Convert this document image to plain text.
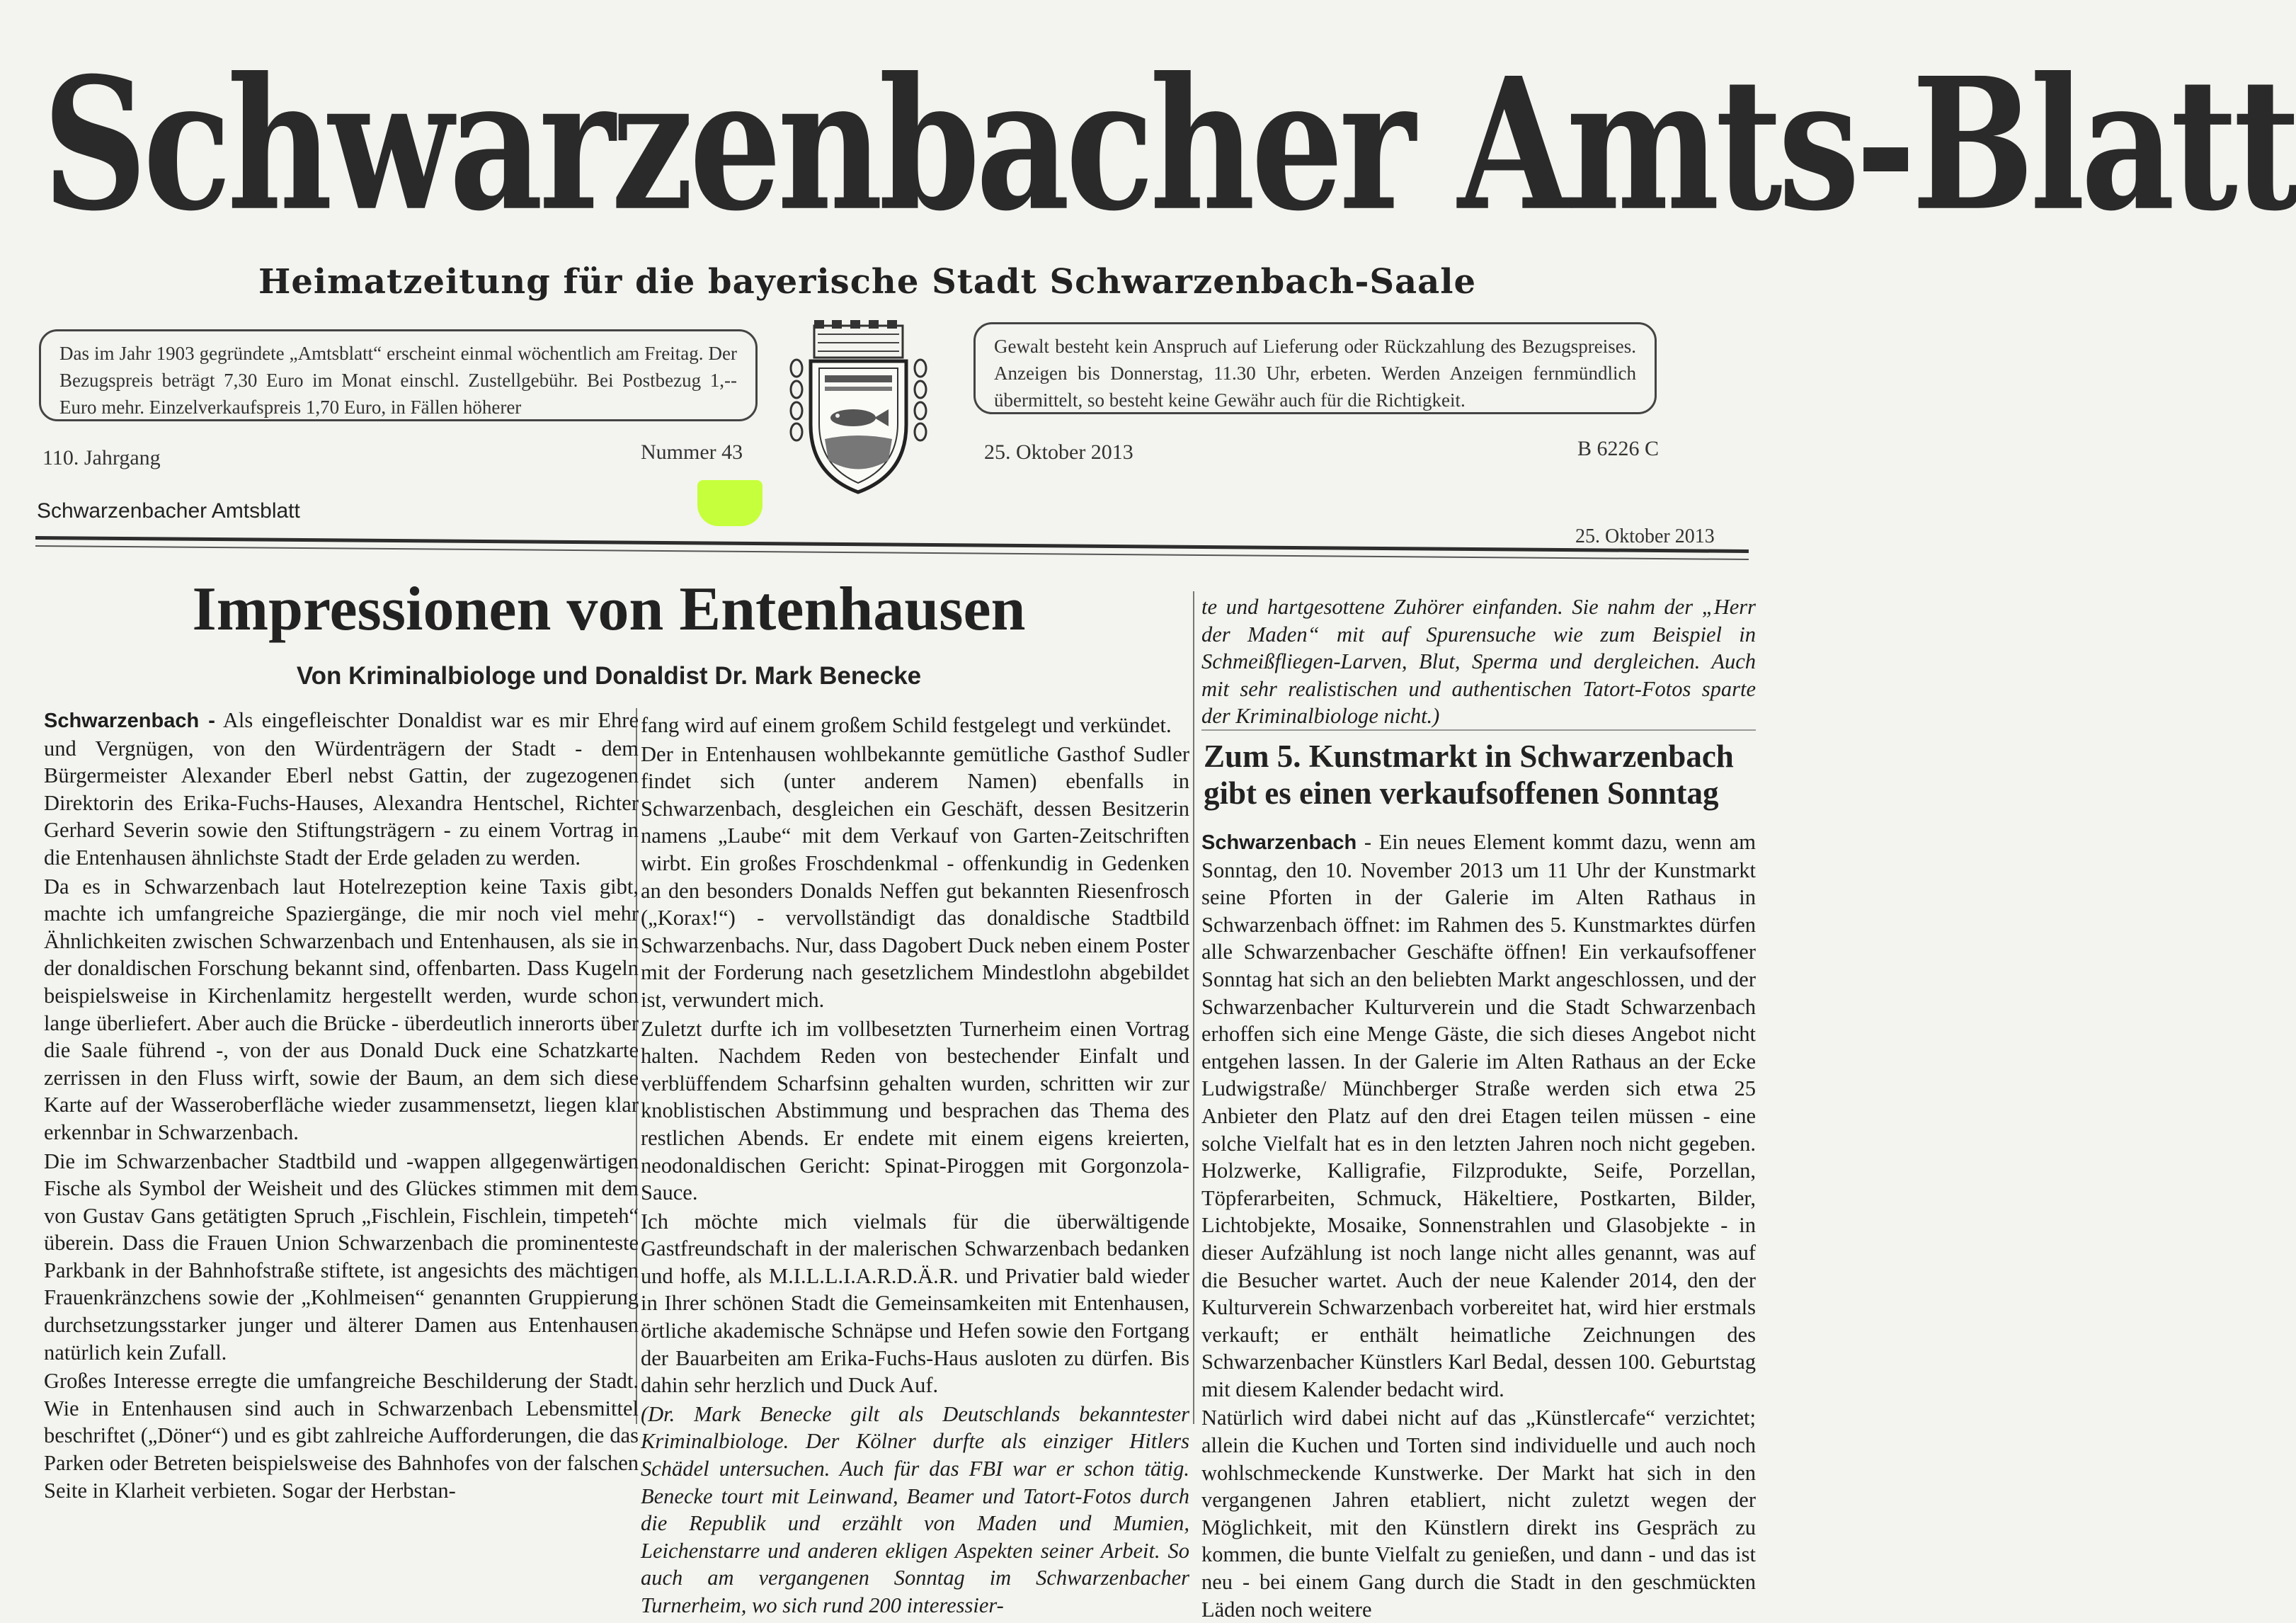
Schwarzenbacher Amts-Blatt
Heimatzeitung für die bayerische Stadt Schwarzenbach-Saale
Das im Jahr 1903 gegründete „Amtsblatt“ erscheint einmal wöchentlich am Freitag. Der Bezugspreis beträgt 7,30 Euro im Monat einschl. Zustellgebühr. Bei Postbezug 1,-- Euro mehr. Einzelverkaufspreis 1,70 Euro, in Fällen höherer
Gewalt besteht kein Anspruch auf Lieferung oder Rückzahlung des Bezugspreises. Anzeigen bis Donnerstag, 11.30 Uhr, erbeten. Werden Anzeigen fernmündlich übermittelt, so besteht keine Gewähr auch für die Richtigkeit.
110. Jahrgang	Nummer 43	25. Oktober 2013	B 6226 C
Schwarzenbacher Amtsblatt
25. Oktober 2013
Impressionen von Entenhausen
Von Kriminalbiologe und Donaldist Dr. Mark Benecke

Schwarzenbach - Als eingefleischter Donaldist war es mir Ehre und Vergnügen, von den Würdenträgern der Stadt - dem Bürgermeister Alexander Eberl nebst Gattin, der zugezogenen Direktorin des Erika-Fuchs-Hauses, Alexandra Hentschel, Richter Gerhard Severin sowie den Stiftungsträgern - zu einem Vortrag in die Entenhausen ähnlichste Stadt der Erde geladen zu werden.

Da es in Schwarzenbach laut Hotelrezeption keine Taxis gibt, machte ich umfangreiche Spaziergänge, die mir noch viel mehr Ähnlichkeiten zwischen Schwarzenbach und Entenhausen, als sie in der donaldischen Forschung bekannt sind, offenbarten. Dass Kugeln beispielsweise in Kirchenlamitz hergestellt werden, wurde schon lange überliefert. Aber auch die Brücke - überdeutlich innerorts über die Saale führend -, von der aus Donald Duck eine Schatzkarte zerrissen in den Fluss wirft, sowie der Baum, an dem sich diese Karte auf der Wasseroberfläche wieder zusammensetzt, liegen klar erkennbar in Schwarzenbach.

Die im Schwarzenbacher Stadtbild und -wappen allgegenwärtigen Fische als Symbol der Weisheit und des Glückes stimmen mit dem von Gustav Gans getätigten Spruch „Fischlein, Fischlein, timpeteh“ überein. Dass die Frauen Union Schwarzenbach die prominenteste Parkbank in der Bahnhofstraße stiftete, ist angesichts des mächtigen Frauenkränzchens sowie der „Kohlmeisen“ genannten Gruppierung durchsetzungsstarker junger und älterer Damen aus Entenhausen natürlich kein Zufall.

Großes Interesse erregte die umfangreiche Beschilderung der Stadt. Wie in Entenhausen sind auch in Schwarzenbach Lebensmittel beschriftet („Döner“) und es gibt zahlreiche Aufforderungen, die das Parken oder Betreten beispielsweise des Bahnhofes von der falschen Seite in Klarheit verbieten. Sogar der Herbstan-

fang wird auf einem großem Schild festgelegt und verkündet.

Der in Entenhausen wohlbekannte gemütliche Gasthof Sudler findet sich (unter anderem Namen) ebenfalls in Schwarzenbach, desgleichen ein Geschäft, dessen Besitzerin namens „Laube“ mit dem Verkauf von Garten-Zeitschriften wirbt. Ein großes Froschdenkmal - offenkundig in Gedenken an den besonders Donalds Neffen gut bekannten Riesenfrosch („Korax!“) - vervollständigt das donaldische Stadtbild Schwarzenbachs. Nur, dass Dagobert Duck neben einem Poster mit der Forderung nach gesetzlichem Mindestlohn abgebildet ist, verwundert mich.

Zuletzt durfte ich im vollbesetzten Turnerheim einen Vortrag halten. Nachdem Reden von bestechender Einfalt und verblüffendem Scharfsinn gehalten wurden, schritten wir zur knoblistischen Abstimmung und besprachen das Thema des restlichen Abends. Er endete mit einem eigens kreierten, neodonaldischen Gericht: Spinat-Piroggen mit Gorgonzola-Sauce.

Ich möchte mich vielmals für die überwältigende Gastfreundschaft in der malerischen Schwarzenbach bedanken und hoffe, als M.I.L.L.I.A.R.D.Ä.R. und Privatier bald wieder in Ihrer schönen Stadt die Gemeinsamkeiten mit Entenhausen, örtliche akademische Schnäpse und Hefen sowie den Fortgang der Bauarbeiten am Erika-Fuchs-Haus ausloten zu dürfen. Bis dahin sehr herzlich und Duck Auf.

(Dr. Mark Benecke gilt als Deutschlands bekanntester Kriminalbiologe. Der Kölner durfte als einziger Hitlers Schädel untersuchen. Auch für das FBI war er schon tätig. Benecke tourt mit Leinwand, Beamer und Tatort-Fotos durch die Republik und erzählt von Maden und Mumien, Leichenstarre und anderen ekligen Aspekten seiner Arbeit. So auch am vergangenen Sonntag im Schwarzenbacher Turnerheim, wo sich rund 200 interessier-

te und hartgesottene Zuhörer einfanden. Sie nahm der „Herr der Maden“ mit auf Spurensuche wie zum Beispiel in Schmeißfliegen-Larven, Blut, Sperma und dergleichen. Auch mit sehr realistischen und authentischen Tatort-Fotos sparte der Kriminalbiologe nicht.)
Zum 5. Kunstmarkt in Schwarzenbach gibt es einen verkaufsoffenen Sonntag

Schwarzenbach - Ein neues Element kommt dazu, wenn am Sonntag, den 10. November 2013 um 11 Uhr der Kunstmarkt seine Pforten in der Galerie im Alten Rathaus in Schwarzenbach öffnet: im Rahmen des 5. Kunstmarktes dürfen alle Schwarzenbacher Geschäfte öffnen! Ein verkaufsoffener Sonntag hat sich an den beliebten Markt angeschlossen, und der Schwarzenbacher Kulturverein und die Stadt Schwarzenbach erhoffen sich eine Menge Gäste, die sich dieses Angebot nicht entgehen lassen. In der Galerie im Alten Rathaus an der Ecke Ludwigstraße/ Münchberger Straße werden sich etwa 25 Anbieter den Platz auf den drei Etagen teilen müssen - eine solche Vielfalt hat es in den letzten Jahren noch nicht gegeben. Holzwerke, Kalligrafie, Filzprodukte, Seife, Porzellan, Töpferarbeiten, Schmuck, Häkeltiere, Postkarten, Bilder, Lichtobjekte, Mosaike, Sonnenstrahlen und Glasobjekte - in dieser Aufzählung ist noch lange nicht alles genannt, was auf die Besucher wartet. Auch der neue Kalender 2014, den der Kulturverein Schwarzenbach vorbereitet hat, wird hier erstmals verkauft; er enthält heimatliche Zeichnungen des Schwarzenbacher Künstlers Karl Bedal, dessen 100. Geburtstag mit diesem Kalender bedacht wird.

Natürlich wird dabei nicht auf das „Künstlercafe“ verzichtet; allein die Kuchen und Torten sind individuelle und auch noch wohlschmeckende Kunstwerke. Der Markt hat sich in den vergangenen Jahren etabliert, nicht zuletzt wegen der Möglichkeit, mit den Künstlern direkt ins Gespräch zu kommen, die bunte Vielfalt zu genießen, und dann - und das ist neu - bei einem Gang durch die Stadt in den geschmückten Läden noch weitere
